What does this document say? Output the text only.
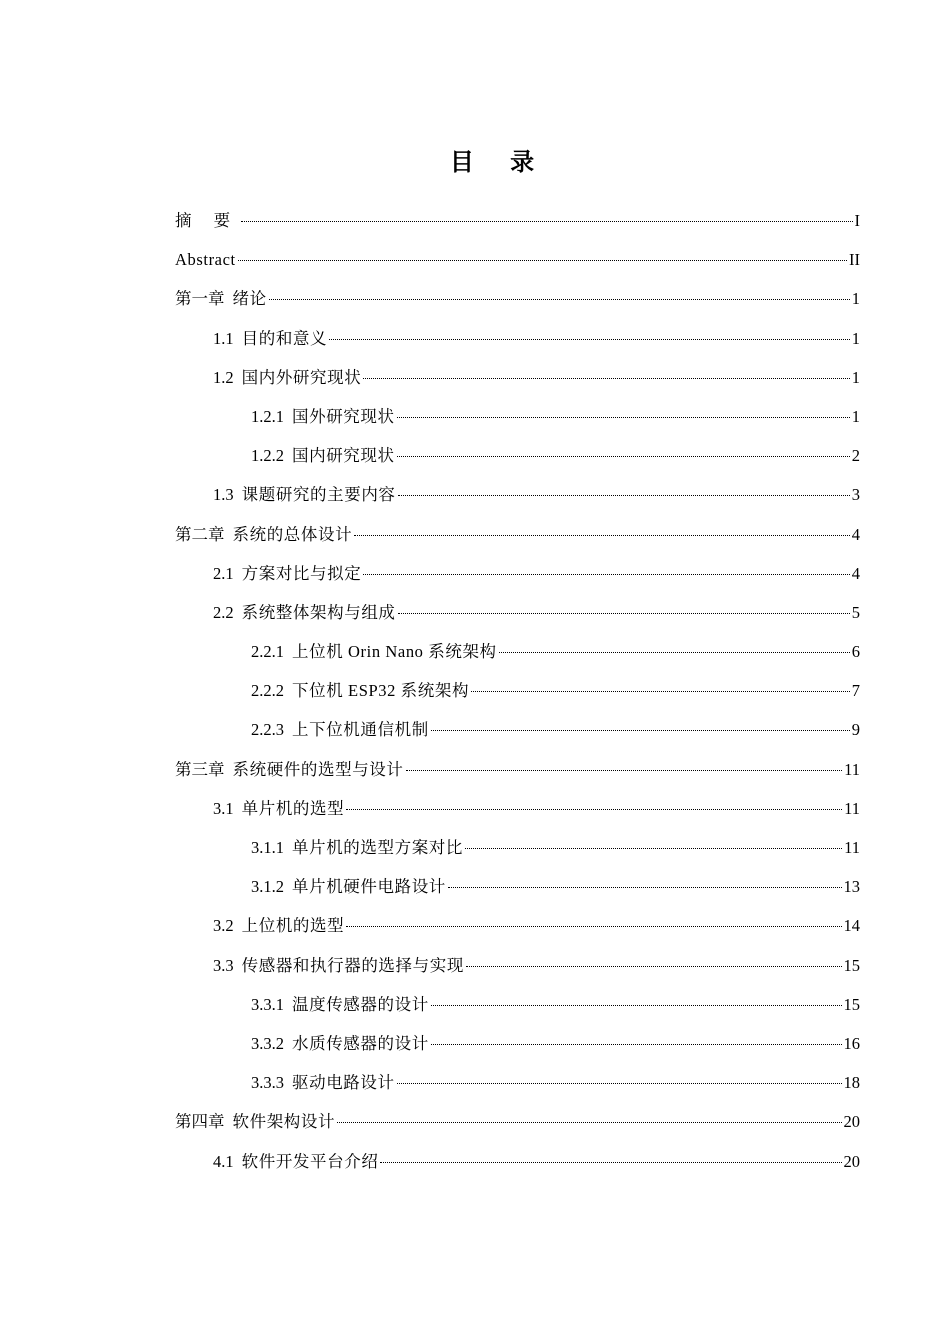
目 录
摘 要	I
Abstract	II
第一章 绪论	1
1.1 目的和意义	1
1.2 国内外研究现状	1
1.2.1 国外研究现状	1
1.2.2 国内研究现状	2
1.3 课题研究的主要内容	3
第二章 系统的总体设计	4
2.1 方案对比与拟定	4
2.2 系统整体架构与组成	5
2.2.1 上位机 Orin Nano 系统架构	6
2.2.2 下位机 ESP32 系统架构	7
2.2.3 上下位机通信机制	9
第三章 系统硬件的选型与设计	11
3.1 单片机的选型	11
3.1.1 单片机的选型方案对比	11
3.1.2 单片机硬件电路设计	13
3.2 上位机的选型	14
3.3 传感器和执行器的选择与实现	15
3.3.1 温度传感器的设计	15
3.3.2 水质传感器的设计	16
3.3.3 驱动电路设计	18
第四章 软件架构设计	20
4.1 软件开发平台介绍	20
